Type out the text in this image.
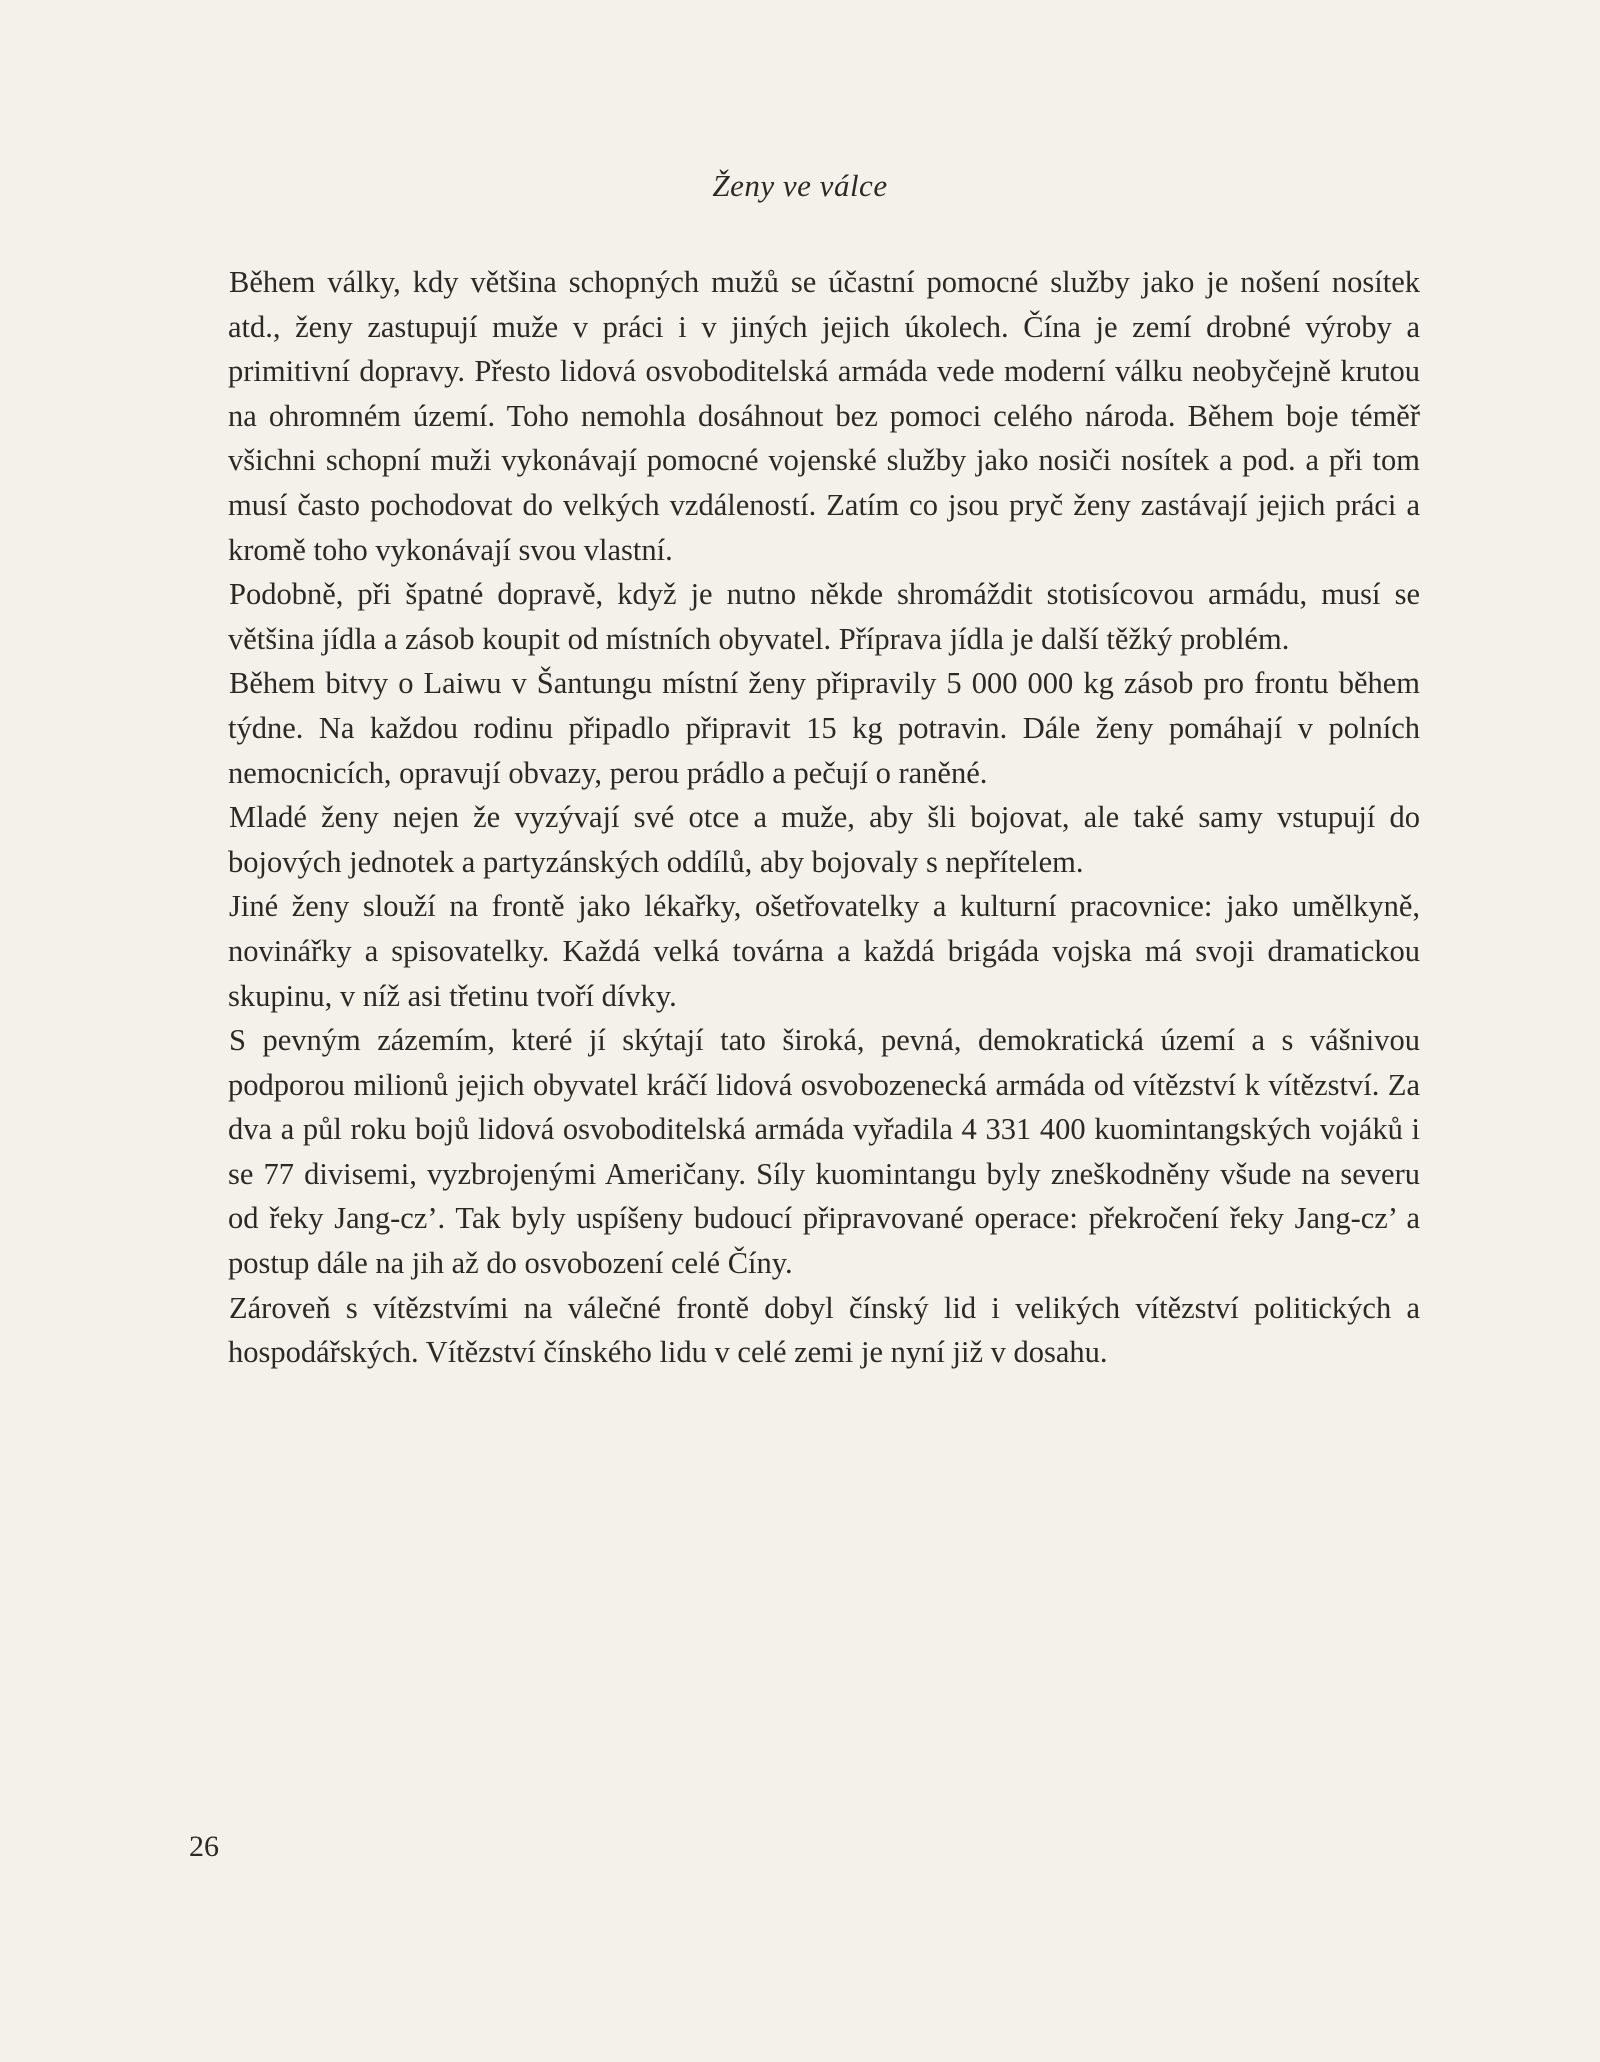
Ženy ve válce

Během války, kdy většina schopných mužů se účastní pomocné služby jako je nošení nosítek atd., ženy zastupují muže v práci i v jiných jejich úkolech. Čína je zemí drobné výroby a primitivní dopravy. Přesto lidová osvoboditelská armáda vede moderní válku neobyčejně krutou na ohromném území. Toho nemohla dosáhnout bez pomoci celého národa. Během boje téměř všichni schopní muži vykonávají pomocné vojenské služby jako nosiči nosítek a pod. a při tom musí často pochodovat do velkých vzdáleností. Zatím co jsou pryč ženy zastávají jejich práci a kromě toho vykonávají svou vlastní.

Podobně, při špatné dopravě, když je nutno někde shromáždit stotisícovou armádu, musí se většina jídla a zásob koupit od místních obyvatel. Příprava jídla je další těžký problém.

Během bitvy o Laiwu v Šantungu místní ženy připravily 5 000 000 kg zásob pro frontu během týdne. Na každou rodinu připadlo připravit 15 kg potravin. Dále ženy pomáhají v polních nemocnicích, opravují obvazy, perou prádlo a pečují o raněné.

Mladé ženy nejen že vyzývají své otce a muže, aby šli bojovat, ale také samy vstupují do bojových jednotek a partyzánských oddílů, aby bojovaly s nepřítelem.

Jiné ženy slouží na frontě jako lékařky, ošetřovatelky a kulturní pracovnice: jako umělkyně, novinářky a spisovatelky. Každá velká továrna a každá brigáda vojska má svoji dramatickou skupinu, v níž asi třetinu tvoří dívky.

S pevným zázemím, které jí skýtají tato široká, pevná, demokratická území a s vášnivou podporou milionů jejich obyvatel kráčí lidová osvobozenecká armáda od vítězství k vítězství. Za dva a půl roku bojů lidová osvoboditelská armáda vyřadila 4 331 400 kuomintangských vojáků i se 77 divisemi, vyzbrojenými Američany. Síly kuomintangu byly zneškodněny všude na severu od řeky Jang-cz’. Tak byly uspíšeny budoucí připravované operace: překročení řeky Jang-cz’ a postup dále na jih až do osvobození celé Číny.

Zároveň s vítězstvími na válečné frontě dobyl čínský lid i velikých vítězství politických a hospodářských. Vítězství čínského lidu v celé zemi je nyní již v dosahu.

26
